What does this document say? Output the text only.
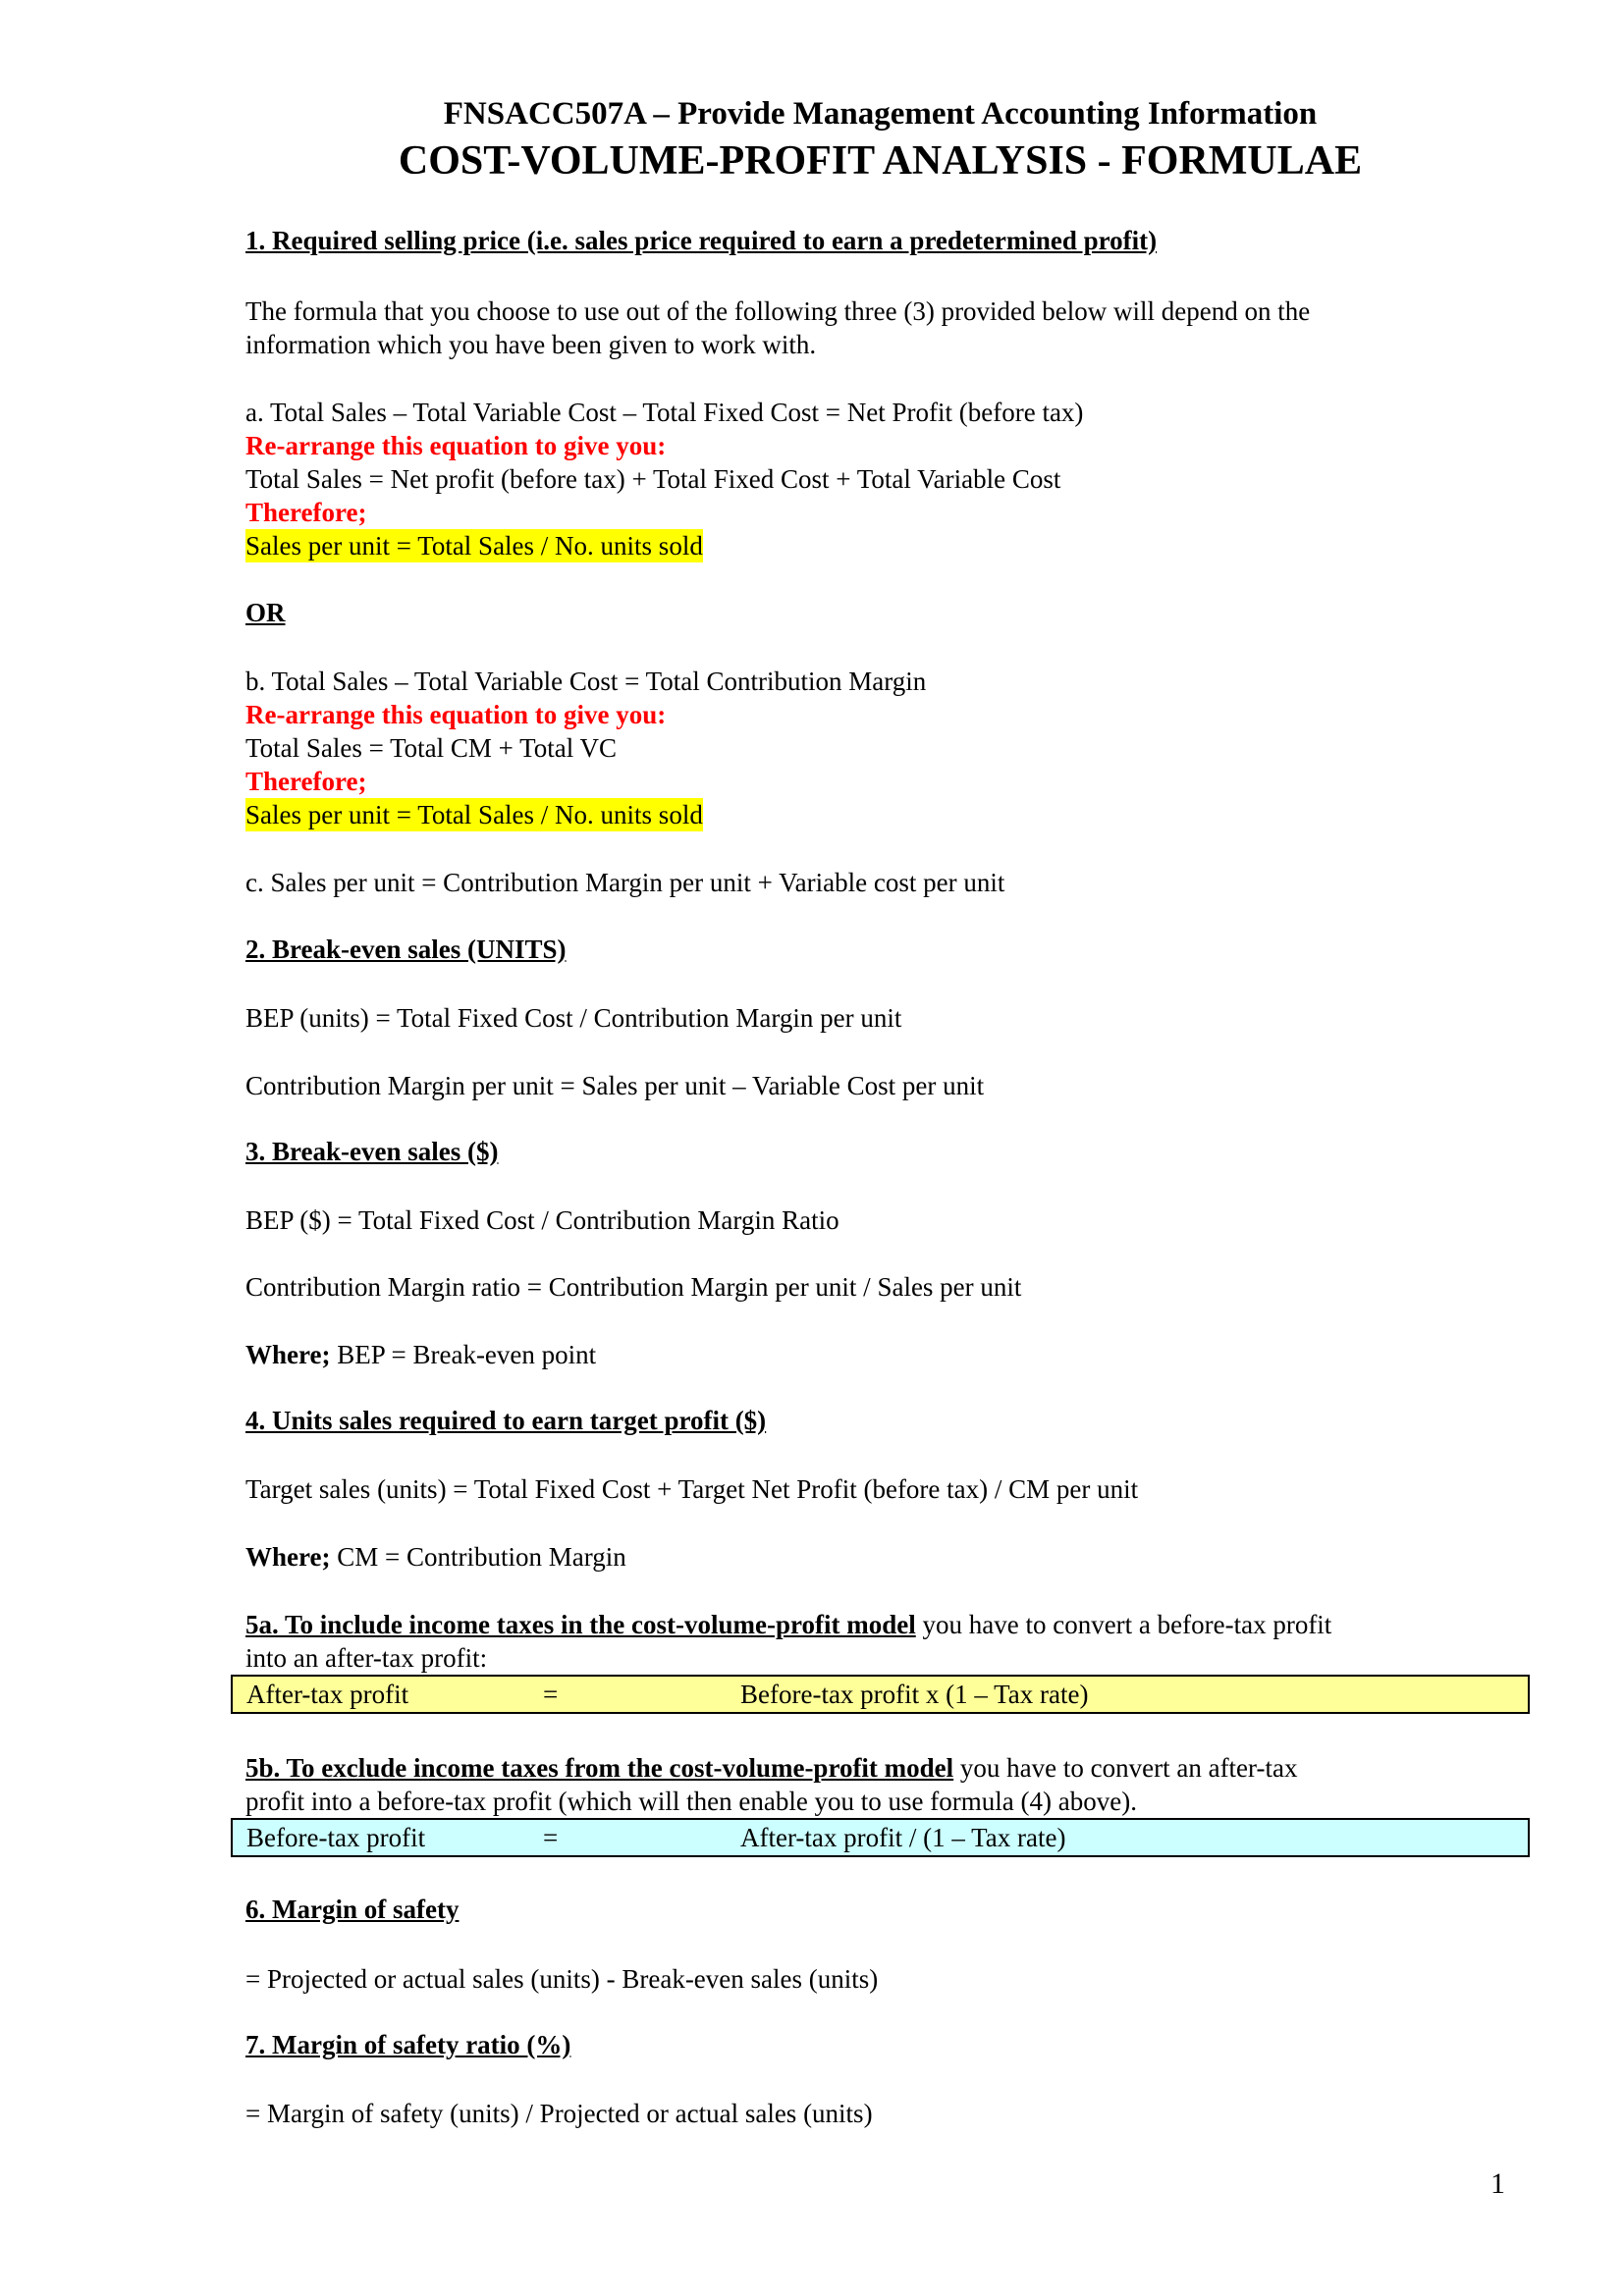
FNSACC507A – Provide Management Accounting Information
COST-VOLUME-PROFIT ANALYSIS - FORMULAE
1. Required selling price (i.e. sales price required to earn a predetermined profit)
The formula that you choose to use out of the following three (3) provided below will depend on the
information which you have been given to work with.
a. Total Sales – Total Variable Cost – Total Fixed Cost = Net Profit (before tax)
Re-arrange this equation to give you:
Total Sales = Net profit (before tax) + Total Fixed Cost + Total Variable Cost
Therefore;
Sales per unit = Total Sales / No. units sold
OR
b. Total Sales – Total Variable Cost = Total Contribution Margin
Re-arrange this equation to give you:
Total Sales = Total CM + Total VC
Therefore;
Sales per unit = Total Sales / No. units sold
c. Sales per unit = Contribution Margin per unit + Variable cost per unit
2. Break-even sales (UNITS)
BEP (units) = Total Fixed Cost / Contribution Margin per unit
Contribution Margin per unit = Sales per unit – Variable Cost per unit
3. Break-even sales ($)
BEP ($) = Total Fixed Cost / Contribution Margin Ratio
Contribution Margin ratio = Contribution Margin per unit / Sales per unit
Where; BEP = Break-even point
4. Units sales required to earn target profit ($)
Target sales (units) = Total Fixed Cost + Target Net Profit (before tax) / CM per unit
Where; CM = Contribution Margin
5a. To include income taxes in the cost-volume-profit model you have to convert a before-tax profit
into an after-tax profit:
After-tax profit	=	Before-tax profit x (1 – Tax rate)
5b. To exclude income taxes from the cost-volume-profit model you have to convert an after-tax
profit into a before-tax profit (which will then enable you to use formula (4) above).
Before-tax profit	=	After-tax profit / (1 – Tax rate)
6. Margin of safety
= Projected or actual sales (units) - Break-even sales (units)
7. Margin of safety ratio (%)
= Margin of safety (units) / Projected or actual sales (units)
1
